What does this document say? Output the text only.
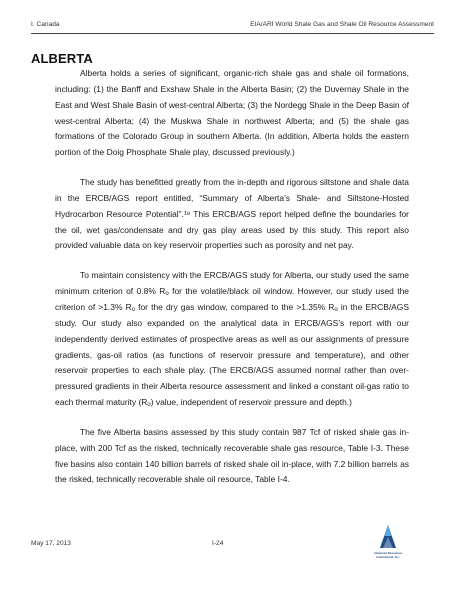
I. Canada	EIA/ARI World Shale Gas and Shale Oil Resource Assessment
ALBERTA

Alberta holds a series of significant, organic-rich shale gas and shale oil formations, including: (1) the Banff and Exshaw Shale in the Alberta Basin; (2) the Duvernay Shale in the East and West Shale Basin of west-central Alberta; (3) the Nordegg Shale in the Deep Basin of west-central Alberta; (4) the Muskwa Shale in northwest Alberta; and (5) the shale gas formations of the Colorado Group in southern Alberta. (In addition, Alberta holds the eastern portion of the Doig Phosphate Shale play, discussed previously.)

The study has benefitted greatly from the in-depth and rigorous siltstone and shale data in the ERCB/AGS report entitled, “Summary of Alberta’s Shale- and Siltstone-Hosted Hydrocarbon Resource Potential”.¹⁹ This ERCB/AGS report helped define the boundaries for the oil, wet gas/condensate and dry gas play areas used by this study. This report also provided valuable data on key reservoir properties such as porosity and net pay.

To maintain consistency with the ERCB/AGS study for Alberta, our study used the same minimum criterion of 0.8% Ro for the volatile/black oil window. However, our study used the criterion of >1.3% Ro for the dry gas window, compared to the >1.35% Ro in the ERCB/AGS study. Our study also expanded on the analytical data in ERCB/AGS’s report with our independently derived estimates of prospective areas as well as our assignments of pressure gradients, gas-oil ratios (as functions of reservoir pressure and temperature), and other reservoir properties to each shale play. (The ERCB/AGS assumed normal rather than over-pressured gradients in their Alberta resource assessment and linked a constant oil-gas ratio to each thermal maturity (Ro) value, independent of reservoir pressure and depth.)

The five Alberta basins assessed by this study contain 987 Tcf of risked shale gas in-place, with 200 Tcf as the risked, technically recoverable shale gas resource, Table I-3. These five basins also contain 140 billion barrels of risked shale oil in-place, with 7.2 billion barrels as the risked, technically recoverable shale oil resource, Table I-4.

May 17, 2013	I-24
Advanced Resources
International, Inc.
